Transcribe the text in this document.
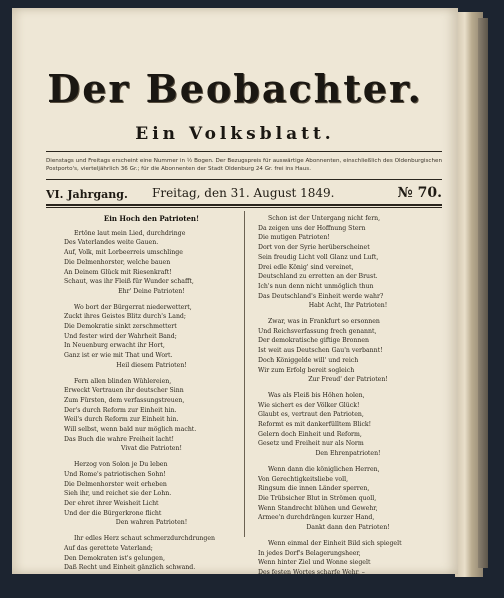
Der Beobachter.
Ein Volksblatt.
Dienstags und Freitags erscheint eine Nummer in ½ Bogen. Der Bezugspreis für auswärtige Abonnenten, einschließlich des Oldenburgischen Postporto's, vierteljährlich 36 Gr.; für die Abonnenten der Stadt Oldenburg 24 Gr. frei ins Haus.
VI. Jahrgang. Freitag, den 31. August 1849.	№ 70.
Ein Hoch den Patrioten!
Ertöne laut mein Lied, durchdringe
Des Vaterlandes weite Gauen.
Auf, Volk, mit Lorbeerreis umschlinge
Die Delmenhorster, welche bauen
An Deinem Glück mit Riesenkraft!
Schaut, was ihr Fleiß für Wunder schafft,
Ehr' Deine Patrioten!
Wo bort der Bürgerrat niederwettert,
Zuckt ihres Geistes Blitz durch's Land;
Die Demokratie sinkt zerschmettert
Und fester wird der Wahrheit Band;
In Neuenburg erwacht ihr Hort,
Ganz ist er wie mit That und Wort.
Heil diesem Patrioten!
Fern allen blinden Wühlereien,
Erweckt Vertrauen ihr deutscher Sinn
Zum Fürsten, dem verfassungstreuen,
Der's durch Reform zur Einheit hin.
Weil's durch Reform zur Einheit hin.
Will selbst, wenn bald nur möglich macht.
Das Buch die wahre Freiheit lacht!
Vivat die Patrioten!
Herzog von Solon je Du leben
Und Rome's patriotischen Sohn!
Die Delmenhorster weit erheben
Sieh ihr, und reichet sie der Lohn.
Der ehret ihrer Weisheit Licht
Und der die Bürgerkrone flicht
Den wahren Patrioten!
Ihr edles Herz schaut schmerzdurchdrungen
Auf das gerettete Vaterland;
Den Demokraten ist's gelungen,
Daß Recht und Einheit gänzlich schwand.
Schon ist der Untergang nicht fern,
Da zeigen uns der Hoffnung Stern
Die mutigen Patrioten!
Dort von der Syrie herüberscheinet
Sein freudig Licht voll Glanz und Luft,
Drei edle König' sind vereinet,
Deutschland zu erretten an der Brust.
Ich's nun denn nicht unmöglich thun
Das Deutschland's Einheit werde wahr?
Habt Acht, Ihr Patrioten!
Zwar, was in Frankfurt so ersonnen
Und Reichsverfassung frech genannt,
Der demokratische giftige Bronnen
Ist weit aus Deutschen Gau'n verbannt!
Doch Königgelde will' und reich
Wir zum Erfolg bereit sogleich
Zur Freud' der Patrioten!
Was als Fleiß bis Höhen holen,
Wie sichert es der Völker Glück!
Glaubt es, vertraut den Patrioten,
Reformt es mit dankerfülltem Blick!
Gelern doch Einheit und Reform,
Gesetz und Freiheit nur als Norm
Den Ehrenpatrioten!
Wenn dann die königlichen Herren,
Von Gerechtigkeitsliebe voll,
Ringsum die innen Länder sperren,
Die Trübsicher Blut in Strömen quoll,
Wenn Standrecht blühen und Gewehr,
Armee'n durchdrängen kurzer Hand,
Dankt dann den Patrioten!
Wenn einmal der Einheit Bild sich spiegelt
In jedes Dorf's Belagerungsheer,
Wenn hinter Ziel und Wonne siegelt
Des festen Wortes scharfe Wehr, –
